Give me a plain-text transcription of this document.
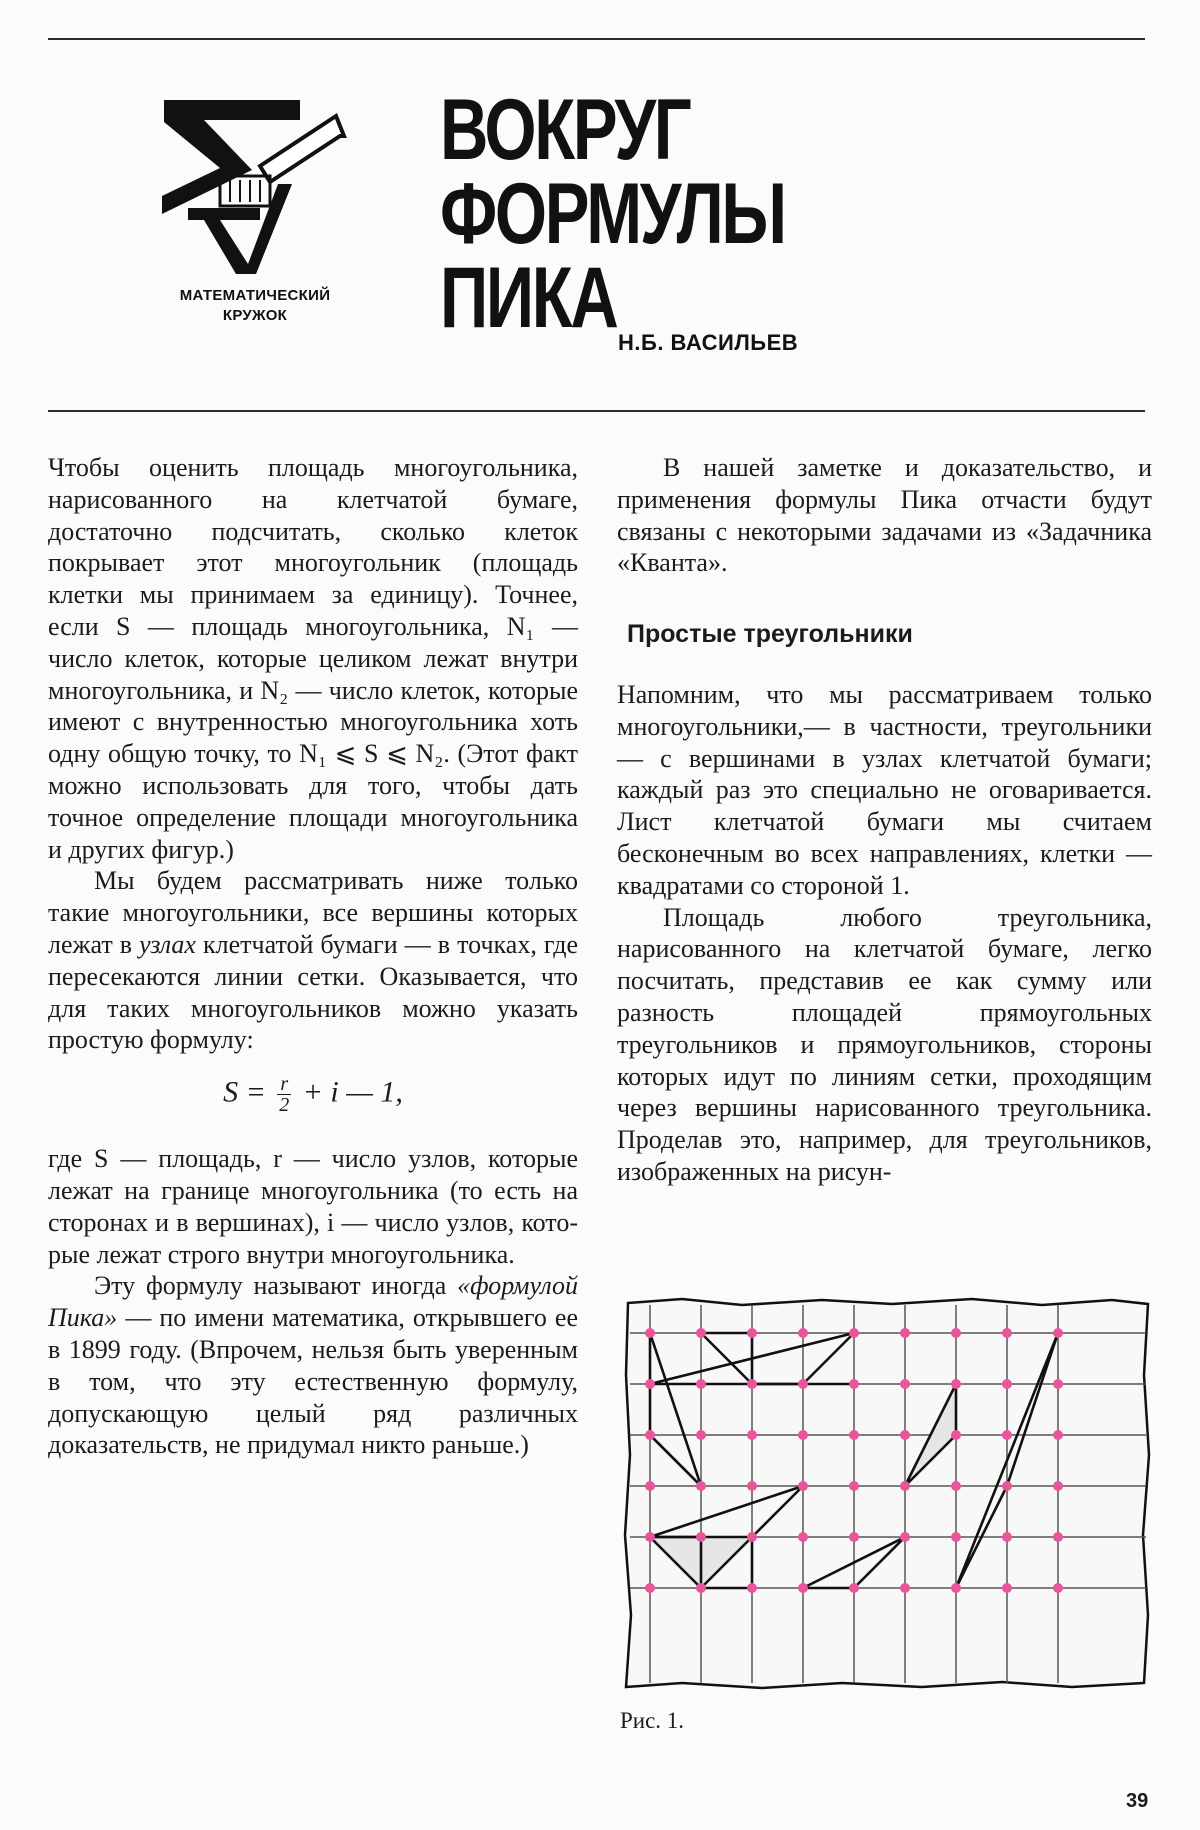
МАТЕМАТИЧЕСКИЙ
КРУЖОК
ВОКРУГ
ФОРМУЛЫ
ПИКА Н.Б. ВАСИЛЬЕВ

Чтобы оценить площадь многоугольника, нарисованного на клетчатой бумаге, достаточно подсчитать, сколько клеток покрывает этот многоугольник (площадь клетки мы принимаем за единицу). Точнее, если S — площадь многоугольника, N₁ — число клеток, которые целиком лежат внутри многоугольника, и N₂ — число клеток, которые имеют с внутренностью многоугольника хоть одну общую точку, то N₁ ⩽ S ⩽ N₂. (Этот факт можно использовать для того, чтобы дать точное определение площади многоугольника и других фигур.)

Мы будем рассматривать ниже только такие многоугольники, все вершины которых лежат в узлах клетчатой бумаги — в точках, где пересекаются линии сетки. Оказывается, что для таких многоугольников можно указать простую формулу:

$S = \frac{r}{2} + i$ — 1,

где S — площадь, r — число узлов, которые лежат на границе многоугольника (то есть на сторонах и в вершинах), i — число узлов, которые лежат строго внутри многоугольника.

Эту формулу называют иногда «формулой Пика» — по имени математика, открывшего ее в 1899 году. (Впрочем, нельзя быть уверенным в том, что эту естественную формулу, допускающую целый ряд различных доказательств, не придумал никто раньше.)

В нашей заметке и доказательство, и применения формулы Пика отчасти будут связаны с некоторыми задачами из «Задачника «Кванта».

Простые треугольники

Напомним, что мы рассматриваем только многоугольники,— в частности, треугольники — с вершинами в узлах клетчатой бумаги; каждый раз это специально не оговаривается. Лист клетчатой бумаги мы считаем бесконечным во всех направлениях, клетки — квадратами со стороной 1.

Площадь любого треугольника, нарисованного на клетчатой бумаге, легко посчитать, представив ее как сумму или разность площадей прямоугольных треугольников и прямоугольников, стороны которых идут по линиям сетки, проходящим через вершины нарисованного треугольника. Проделав это, например, для треугольников, изображенных на рисун-

Рис. 1.
39
